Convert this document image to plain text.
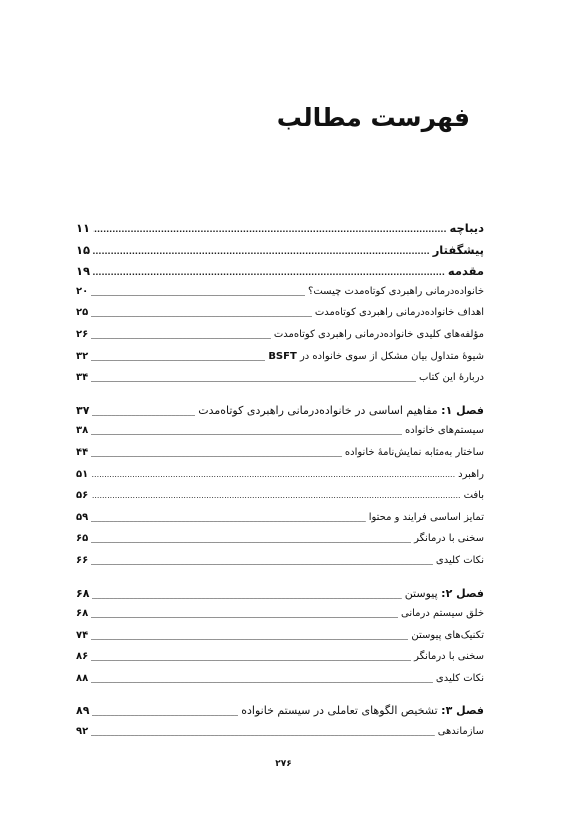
فهرست مطالب
دیباچه
.....
۱۱
پیشگفتار
.....
۱۵
مقدمه
.....
۱۹
خانواده‌درمانی راهبردی کوتاه‌مدت چیست؟
_____
۲۰
اهداف خانواده‌درمانی راهبردی کوتاه‌مدت
_____
۲۵
مؤلفه‌های کلیدی خانواده‌درمانی راهبردی کوتاه‌مدت
_____
۲۶
شیوهٔ متداول بیان مشکل از سوی خانواده در BSFT
_____
۳۲
دربارهٔ این کتاب
_____
۳۴
فصل ۱: مفاهیم اساسی در خانواده‌درمانی راهبردی کوتاه‌مدت
_____
۳۷
سیستم‌های خانواده
_____
۳۸
ساختار به‌مثابه نمایش‌نامهٔ خانواده
_____
۴۴
راهبرد
.....
۵۱
بافت
.....
۵۶
تمایز اساسی فرایند و محتوا
_____
۵۹
سخنی با درمانگر
_____
۶۵
نکات کلیدی
_____
۶۶
فصل ۲: پیوستن
_____
۶۸
خلق سیستم درمانی
_____
۶۸
تکنیک‌های پیوستن
_____
۷۴
سخنی با درمانگر
_____
۸۶
نکات کلیدی
_____
۸۸
فصل ۳: تشخیص الگوهای تعاملی در سیستم خانواده
_____
۸۹
سازماندهی
_____
۹۲
۲۷۶
